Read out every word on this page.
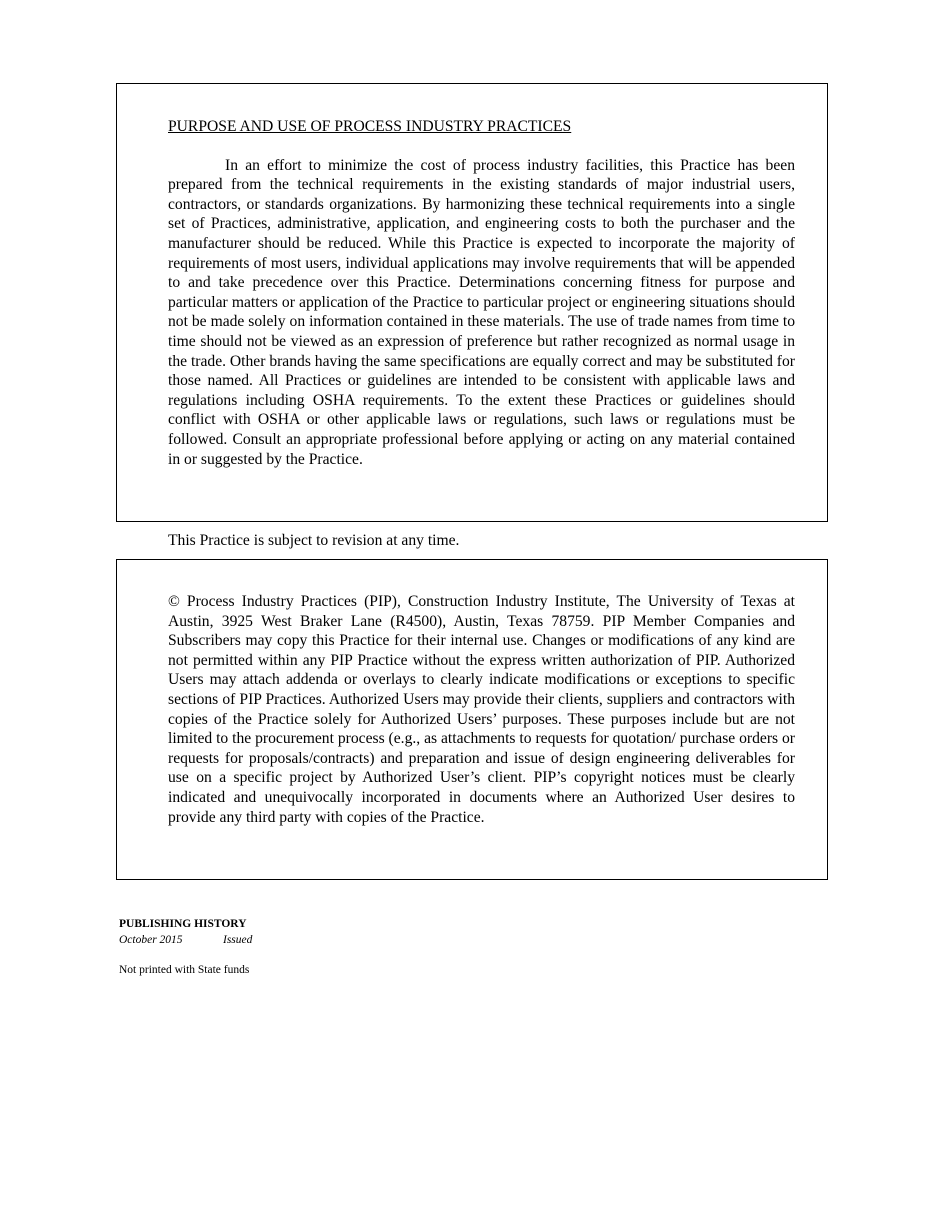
PURPOSE AND USE OF PROCESS INDUSTRY PRACTICES

In an effort to minimize the cost of process industry facilities, this Practice has been prepared from the technical requirements in the existing standards of major industrial users, contractors, or standards organizations. By harmonizing these technical requirements into a single set of Practices, administrative, application, and engineering costs to both the purchaser and the manufacturer should be reduced. While this Practice is expected to incorporate the majority of requirements of most users, individual applications may involve requirements that will be appended to and take precedence over this Practice. Determinations concerning fitness for purpose and particular matters or application of the Practice to particular project or engineering situations should not be made solely on information contained in these materials. The use of trade names from time to time should not be viewed as an expression of preference but rather recognized as normal usage in the trade. Other brands having the same specifications are equally correct and may be substituted for those named. All Practices or guidelines are intended to be consistent with applicable laws and regulations including OSHA requirements. To the extent these Practices or guidelines should conflict with OSHA or other applicable laws or regulations, such laws or regulations must be followed. Consult an appropriate professional before applying or acting on any material contained in or suggested by the Practice.

This Practice is subject to revision at any time.

© Process Industry Practices (PIP), Construction Industry Institute, The University of Texas at Austin, 3925 West Braker Lane (R4500), Austin, Texas 78759. PIP Member Companies and Subscribers may copy this Practice for their internal use. Changes or modifications of any kind are not permitted within any PIP Practice without the express written authorization of PIP. Authorized Users may attach addenda or overlays to clearly indicate modifications or exceptions to specific sections of PIP Practices. Authorized Users may provide their clients, suppliers and contractors with copies of the Practice solely for Authorized Users’ purposes. These purposes include but are not limited to the procurement process (e.g., as attachments to requests for quotation/ purchase orders or requests for proposals/contracts) and preparation and issue of design engineering deliverables for use on a specific project by Authorized User’s client. PIP’s copyright notices must be clearly indicated and unequivocally incorporated in documents where an Authorized User desires to provide any third party with copies of the Practice.

PUBLISHING HISTORY
October 2015	Issued
Not printed with State funds
